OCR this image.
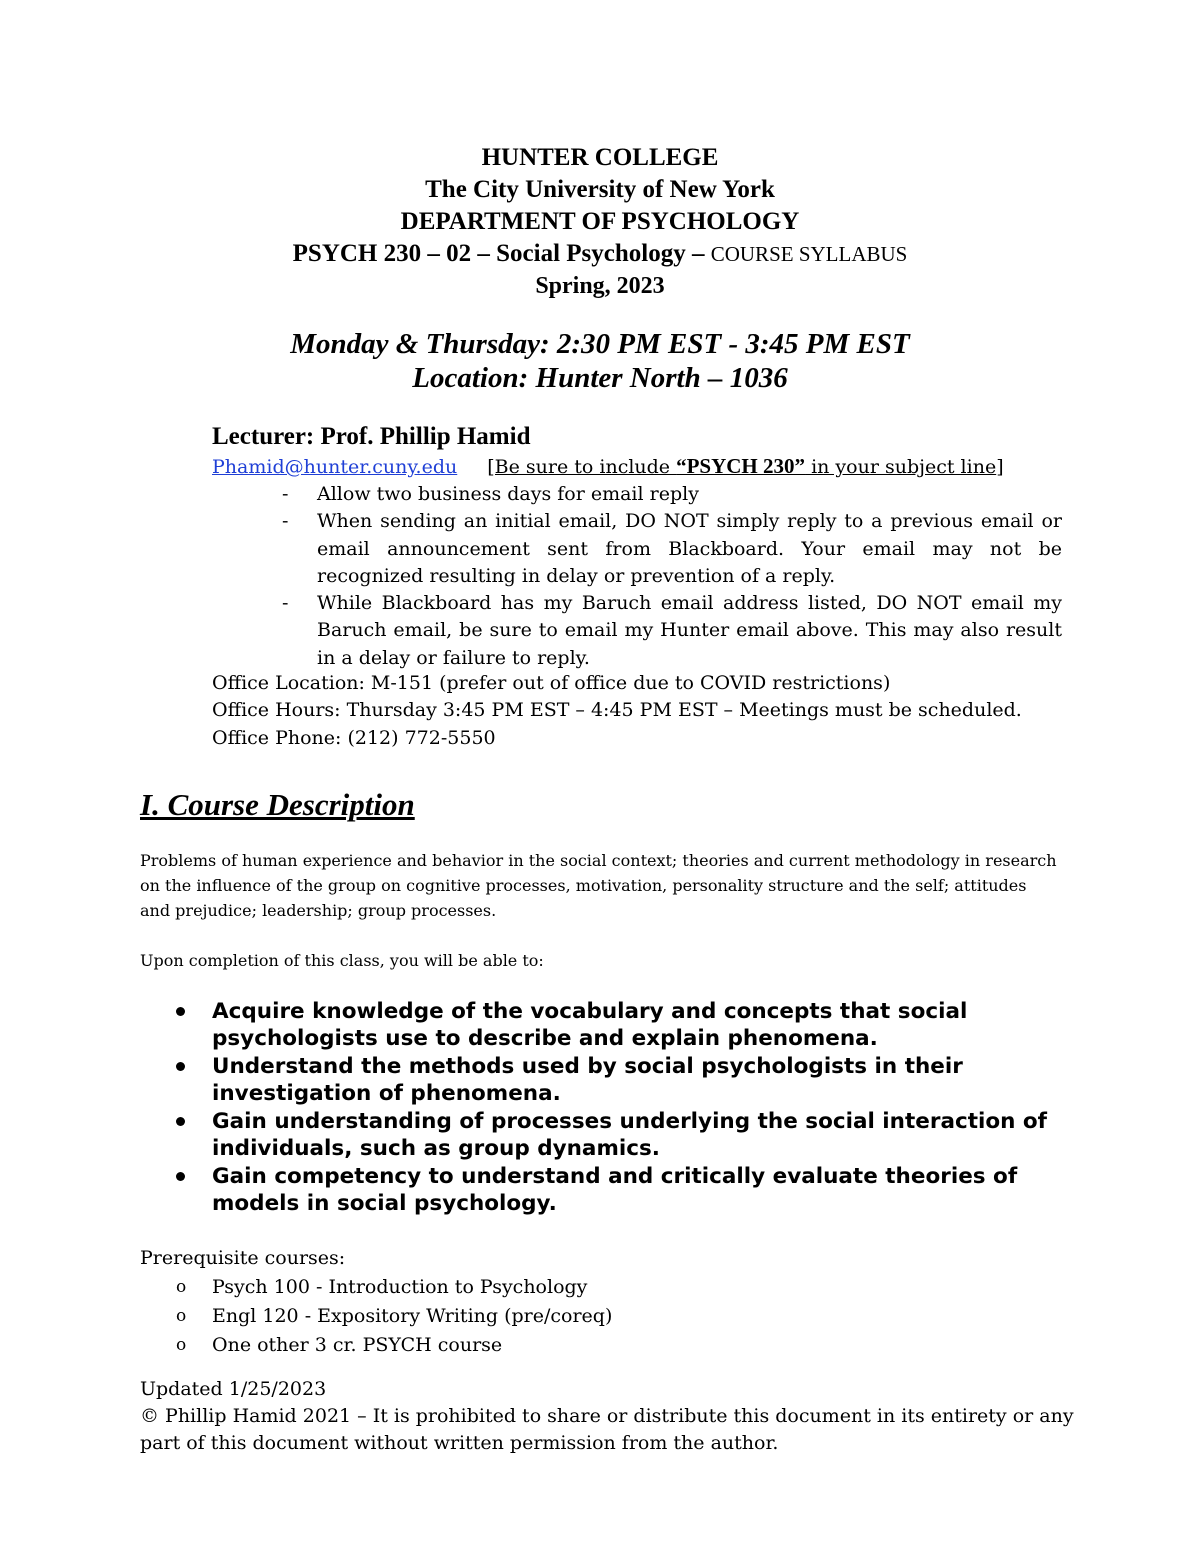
HUNTER COLLEGE
The City University of New York
DEPARTMENT OF PSYCHOLOGY
PSYCH 230 – 02 – Social Psychology – COURSE SYLLABUS
Spring, 2023
Monday & Thursday: 2:30 PM EST - 3:45 PM EST
Location: Hunter North – 1036
Lecturer: Prof. Phillip Hamid
Phamid@hunter.cuny.edu [Be sure to include “PSYCH 230” in your subject line]
- Allow two business days for email reply
- When sending an initial email, DO NOT simply reply to a previous email or email announcement sent from Blackboard. Your email may not be recognized resulting in delay or prevention of a reply.
- While Blackboard has my Baruch email address listed, DO NOT email my Baruch email, be sure to email my Hunter email above. This may also result in a delay or failure to reply.
Office Location: M-151 (prefer out of office due to COVID restrictions)
Office Hours: Thursday 3:45 PM EST – 4:45 PM EST – Meetings must be scheduled.
Office Phone: (212) 772-5550
I. Course Description
Problems of human experience and behavior in the social context; theories and current methodology in research on the influence of the group on cognitive processes, motivation, personality structure and the self; attitudes and prejudice; leadership; group processes.
Upon completion of this class, you will be able to:
Acquire knowledge of the vocabulary and concepts that social psychologists use to describe and explain phenomena.
Understand the methods used by social psychologists in their investigation of phenomena.
Gain understanding of processes underlying the social interaction of individuals, such as group dynamics.
Gain competency to understand and critically evaluate theories of models in social psychology.
Prerequisite courses:
o Psych 100 - Introduction to Psychology
o Engl 120 - Expository Writing (pre/coreq)
o One other 3 cr. PSYCH course
Updated 1/25/2023
© Phillip Hamid 2021 – It is prohibited to share or distribute this document in its entirety or any part of this document without written permission from the author.
